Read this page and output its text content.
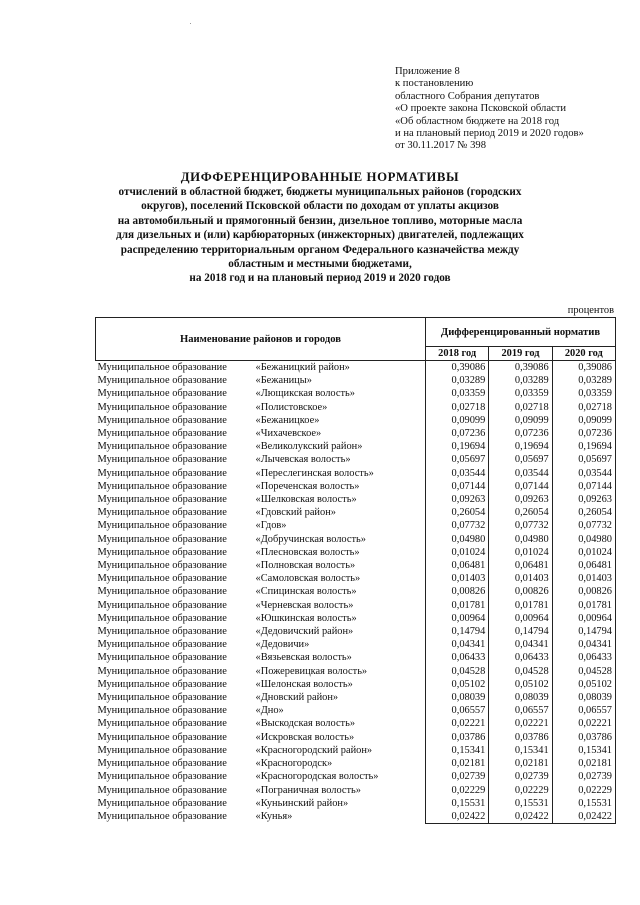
Приложение 8
к постановлению
областного Собрания депутатов
«О проекте закона Псковской области
«Об областном бюджете на 2018 год
и на плановый период 2019 и 2020 годов»
от 30.11.2017 № 398
ДИФФЕРЕНЦИРОВАННЫЕ НОРМАТИВЫ
отчислений в областной бюджет, бюджеты муниципальных районов (городских
округов), поселений Псковской области по доходам от уплаты акцизов
на автомобильный и прямогонный бензин, дизельное топливо, моторные масла
для дизельных и (или) карбюраторных (инжекторных) двигателей, подлежащих
распределению территориальным органом Федерального казначейства между
областным и местными бюджетами,
на 2018 год и на плановый период 2019 и 2020 годов
процентов
Наименование районов и городов	Дифференцированный норматив		
	2018 год	2019 год	2020 год
Муниципальное образование «Бежаницкий район»	0,39086	0,39086	0,39086
Муниципальное образование «Бежаницы»	0,03289	0,03289	0,03289
Муниципальное образование «Лющикская волость»	0,03359	0,03359	0,03359
Муниципальное образование «Полистовское»	0,02718	0,02718	0,02718
Муниципальное образование «Бежаницкое»	0,09099	0,09099	0,09099
Муниципальное образование «Чихачевское»	0,07236	0,07236	0,07236
Муниципальное образование «Великолукский район»	0,19694	0,19694	0,19694
Муниципальное образование «Лычевская волость»	0,05697	0,05697	0,05697
Муниципальное образование «Переслегинская волость»	0,03544	0,03544	0,03544
Муниципальное образование «Пореченская волость»	0,07144	0,07144	0,07144
Муниципальное образование «Шелковская волость»	0,09263	0,09263	0,09263
Муниципальное образование «Гдовский район»	0,26054	0,26054	0,26054
Муниципальное образование «Гдов»	0,07732	0,07732	0,07732
Муниципальное образование «Добручинская волость»	0,04980	0,04980	0,04980
Муниципальное образование «Плесновская волость»	0,01024	0,01024	0,01024
Муниципальное образование «Полновская волость»	0,06481	0,06481	0,06481
Муниципальное образование «Самоловская волость»	0,01403	0,01403	0,01403
Муниципальное образование «Спицинская волость»	0,00826	0,00826	0,00826
Муниципальное образование «Черневская волость»	0,01781	0,01781	0,01781
Муниципальное образование «Юшкинская волость»	0,00964	0,00964	0,00964
Муниципальное образование «Дедовичский район»	0,14794	0,14794	0,14794
Муниципальное образование «Дедовичи»	0,04341	0,04341	0,04341
Муниципальное образование «Вязьевская волость»	0,06433	0,06433	0,06433
Муниципальное образование «Пожеревицкая волость»	0,04528	0,04528	0,04528
Муниципальное образование «Шелонская волость»	0,05102	0,05102	0,05102
Муниципальное образование «Дновский район»	0,08039	0,08039	0,08039
Муниципальное образование «Дно»	0,06557	0,06557	0,06557
Муниципальное образование «Выскодская волость»	0,02221	0,02221	0,02221
Муниципальное образование «Искровская волость»	0,03786	0,03786	0,03786
Муниципальное образование «Красногородский район»	0,15341	0,15341	0,15341
Муниципальное образование «Красногородск»	0,02181	0,02181	0,02181
Муниципальное образование «Красногородская волость»	0,02739	0,02739	0,02739
Муниципальное образование «Пограничная волость»	0,02229	0,02229	0,02229
Муниципальное образование «Куньинский район»	0,15531	0,15531	0,15531
Муниципальное образование «Кунья»	0,02422	0,02422	0,02422
